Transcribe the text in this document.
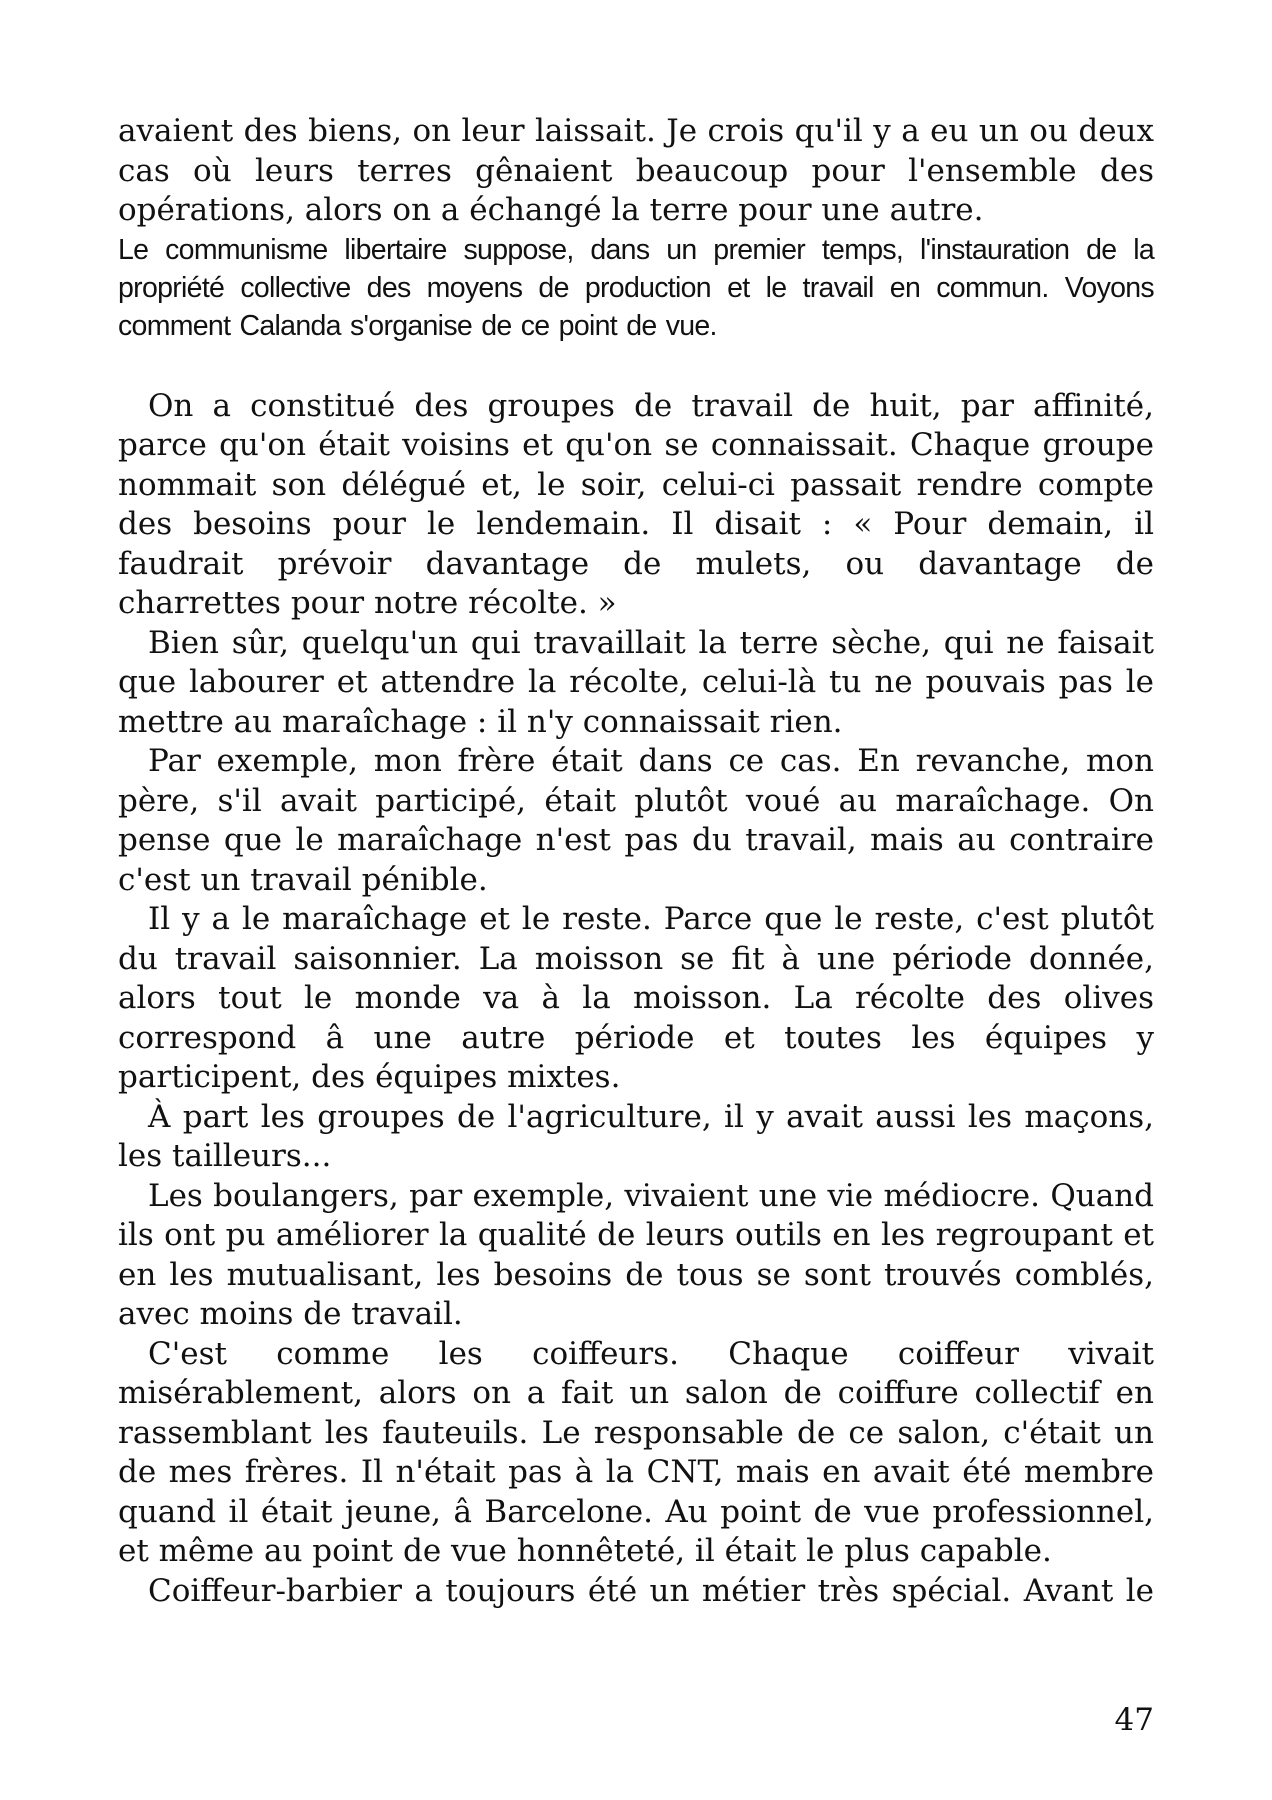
avaient des biens, on leur laissait. Je crois qu'il y a eu un ou deux cas où leurs terres gênaient beaucoup pour l'ensemble des opérations, alors on a échangé la terre pour une autre.

Le communisme libertaire suppose, dans un premier temps, l'instauration de la propriété collective des moyens de production et le travail en commun. Voyons comment Calanda s'organise de ce point de vue.

On a constitué des groupes de travail de huit, par affinité, parce qu'on était voisins et qu'on se connaissait. Chaque groupe nommait son délégué et, le soir, celui-ci passait rendre compte des besoins pour le lendemain. Il disait : « Pour demain, il faudrait prévoir davantage de mulets, ou davantage de charrettes pour notre récolte. »

Bien sûr, quelqu'un qui travaillait la terre sèche, qui ne faisait que labourer et attendre la récolte, celui-là tu ne pouvais pas le mettre au maraîchage : il n'y connaissait rien.

Par exemple, mon frère était dans ce cas. En revanche, mon père, s'il avait participé, était plutôt voué au maraîchage. On pense que le maraîchage n'est pas du travail, mais au contraire c'est un travail pénible.

Il y a le maraîchage et le reste. Parce que le reste, c'est plutôt du travail saisonnier. La moisson se fit à une période donnée, alors tout le monde va à la moisson. La récolte des olives correspond â une autre période et toutes les équipes y participent, des équipes mixtes.

À part les groupes de l'agriculture, il y avait aussi les maçons, les tailleurs...

Les boulangers, par exemple, vivaient une vie médiocre. Quand ils ont pu améliorer la qualité de leurs outils en les regroupant et en les mutualisant, les besoins de tous se sont trouvés comblés, avec moins de travail.

C'est comme les coiffeurs. Chaque coiffeur vivait misérablement, alors on a fait un salon de coiffure collectif en rassemblant les fauteuils. Le responsable de ce salon, c'était un de mes frères. Il n'était pas à la CNT, mais en avait été membre quand il était jeune, â Barcelone. Au point de vue professionnel, et même au point de vue honnêteté, il était le plus capable.

Coiffeur-barbier a toujours été un métier très spécial. Avant le

47
